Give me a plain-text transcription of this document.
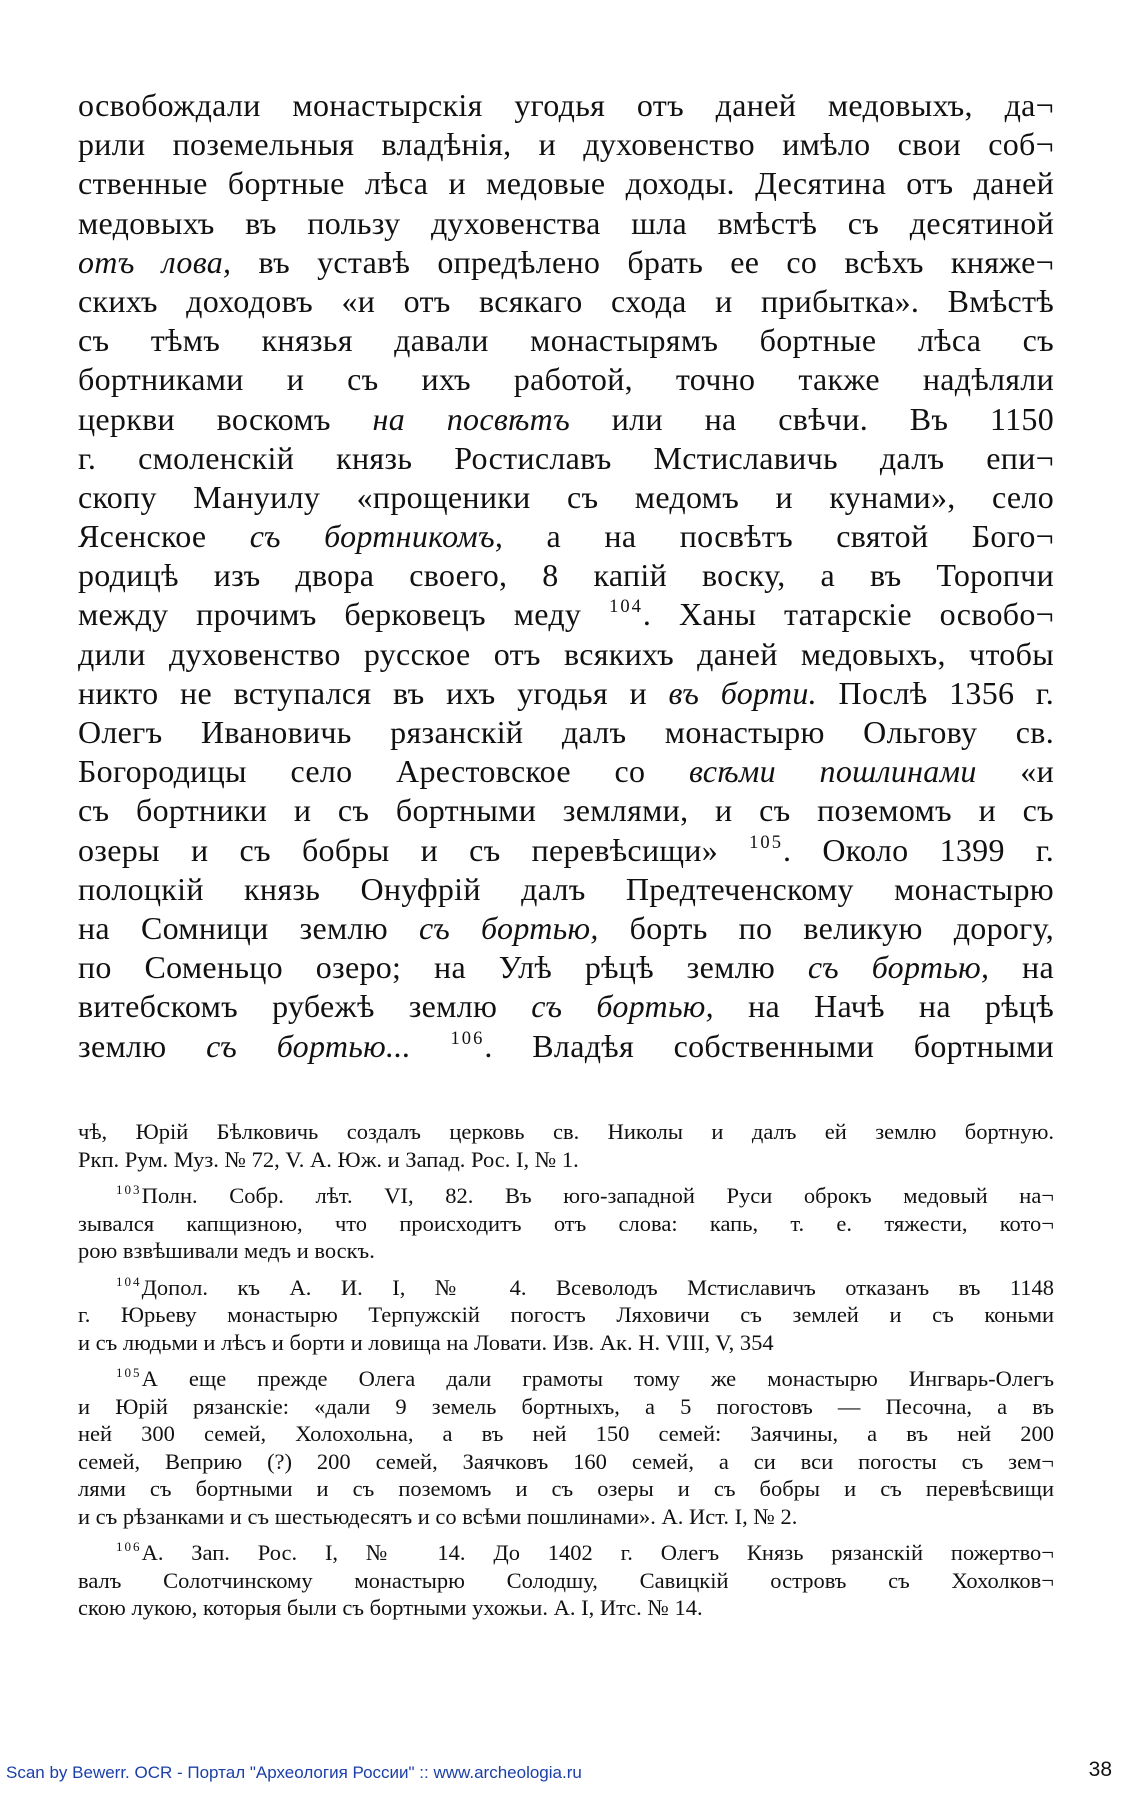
освобождали монастырскія угодья отъ даней медовыхъ, да¬
рили поземельныя владѣнія, и духовенство имѣло свои соб¬
ственные бортные лѣса и медовые доходы. Десятина отъ даней
медовыхъ въ пользу духовенства шла вмѣстѣ съ десятиной
отъ лова, въ уставѣ опредѣлено брать ее со всѣхъ княже¬
скихъ доходовъ «и отъ всякаго схода и прибытка». Вмѣстѣ
съ тѣмъ князья давали монастырямъ бортные лѣса съ
бортниками и съ ихъ работой, точно также надѣляли
церкви воскомъ на посвѣтъ или на свѣчи. Въ 1150
г. смоленскій князь Ростиславъ Мстиславичь далъ епи¬
скопу Мануилу «прощеники съ медомъ и кунами», село
Ясенское съ бортникомъ, а на посвѣтъ святой Бого¬
родицѣ изъ двора своего, 8 капій воску, а въ Торопчи
между прочимъ берковецъ меду $^{104}$. Ханы татарскіе освобо¬
дили духовенство русское отъ всякихъ даней медовыхъ, чтобы
никто не вступался въ ихъ угодья и въ борти. Послѣ 1356 г.
Олегъ Ивановичь рязанскій далъ монастырю Ольгову св.
Богородицы село Арестовское со всѣми пошлинами «и
съ бортники и съ бортными землями, и съ поземомъ и съ
озеры и съ бобры и съ перевѣсищи» $^{105}$. Около 1399 г.
полоцкій князь Онуфрій далъ Предтеченскому монастырю
на Сомници землю съ бортью, борть по великую дорогу,
по Соменьцо озеро; на Улѣ рѣцѣ землю съ бортью, на
витебскомъ рубежѣ землю съ бортью, на Начѣ на рѣцѣ
землю съ бортью... $^{106}$. Владѣя собственными бортными
чѣ, Юрій Бѣлковичь создалъ церковь св. Николы и далъ ей землю бортную.
Ркп. Рум. Муз. № 72, V. А. Юж. и Запад. Рос. I, № 1.
$^{103}$Полн. Собр. лѣт. VI, 82. Въ юго-западной Руси оброкъ медовый на¬
зывался капщизною, что происходитъ отъ слова: капь, т. е. тяжести, кото¬
рою взвѣшивали медъ и воскъ.
$^{104}$Допол. къ А. И. I, № 4. Всеволодъ Мстиславичъ отказанъ въ 1148
г. Юрьеву монастырю Терпужскій погостъ Ляховичи съ землей и съ коньми
и съ людьми и лѣсъ и борти и ловища на Ловати. Изв. Ак. Н. VIII, V, 354
$^{105}$А еще прежде Олега дали грамоты тому же монастырю Ингварь-Олегъ
и Юрій рязанскіе: «дали 9 земель бортныхъ, а 5 погостовъ — Песочна, а въ
ней 300 семей, Холохольна, а въ ней 150 семей: Заячины, а въ ней 200
семей, Веприю (?) 200 семей, Заячковъ 160 семей, а си вси погосты съ зем¬
лями съ бортными и съ поземомъ и съ озеры и съ бобры и съ перевѣсвищи
и съ рѣзанками и съ шестьюдесятъ и со всѣми пошлинами». А. Ист. I, № 2.
$^{106}$А. Зап. Рос. I, № 14. До 1402 г. Олегъ Князь рязанскій пожертво¬
валъ Солотчинскому монастырю Солодшу, Савицкій островъ съ Хохолков¬
скою лукою, которыя были съ бортными ухожьи. А. I, Итс. № 14.
Scan by Bewerr. OCR - Портал "Археология России" :: www.archeologia.ru	38
